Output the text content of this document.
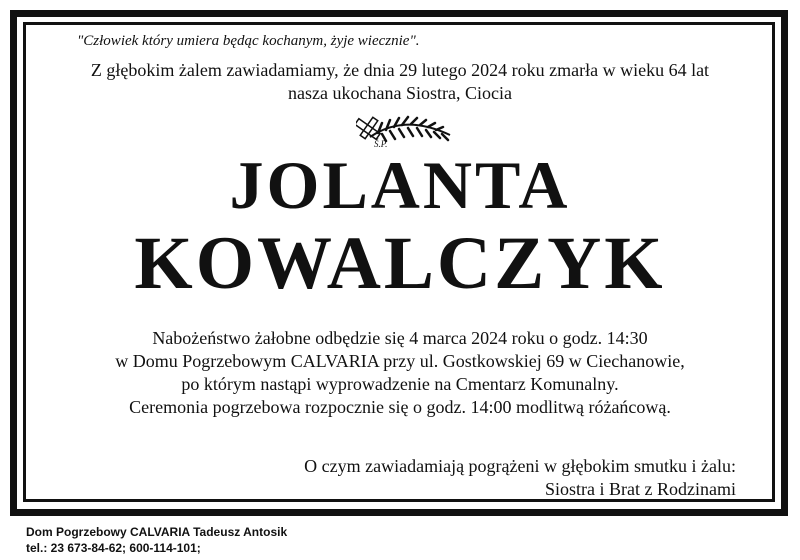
"Człowiek który umiera będąc kochanym, żyje wiecznie".
Z głębokim żalem zawiadamiamy, że dnia 29 lutego 2024 roku zmarła w wieku 64 lat
nasza ukochana Siostra, Ciocia
Ś.P.
JOLANTA
KOWALCZYK
Nabożeństwo żałobne odbędzie się 4 marca 2024 roku o godz. 14:30
w Domu Pogrzebowym CALVARIA przy ul. Gostkowskiej 69 w Ciechanowie,
po którym nastąpi wyprowadzenie na Cmentarz Komunalny.
Ceremonia pogrzebowa rozpocznie się o godz. 14:00 modlitwą różańcową.
O czym zawiadamiają pogrążeni w głębokim smutku i żalu:
Siostra i Brat z Rodzinami
Dom Pogrzebowy CALVARIA Tadeusz Antosik
tel.: 23 673-84-62; 600-114-101;
